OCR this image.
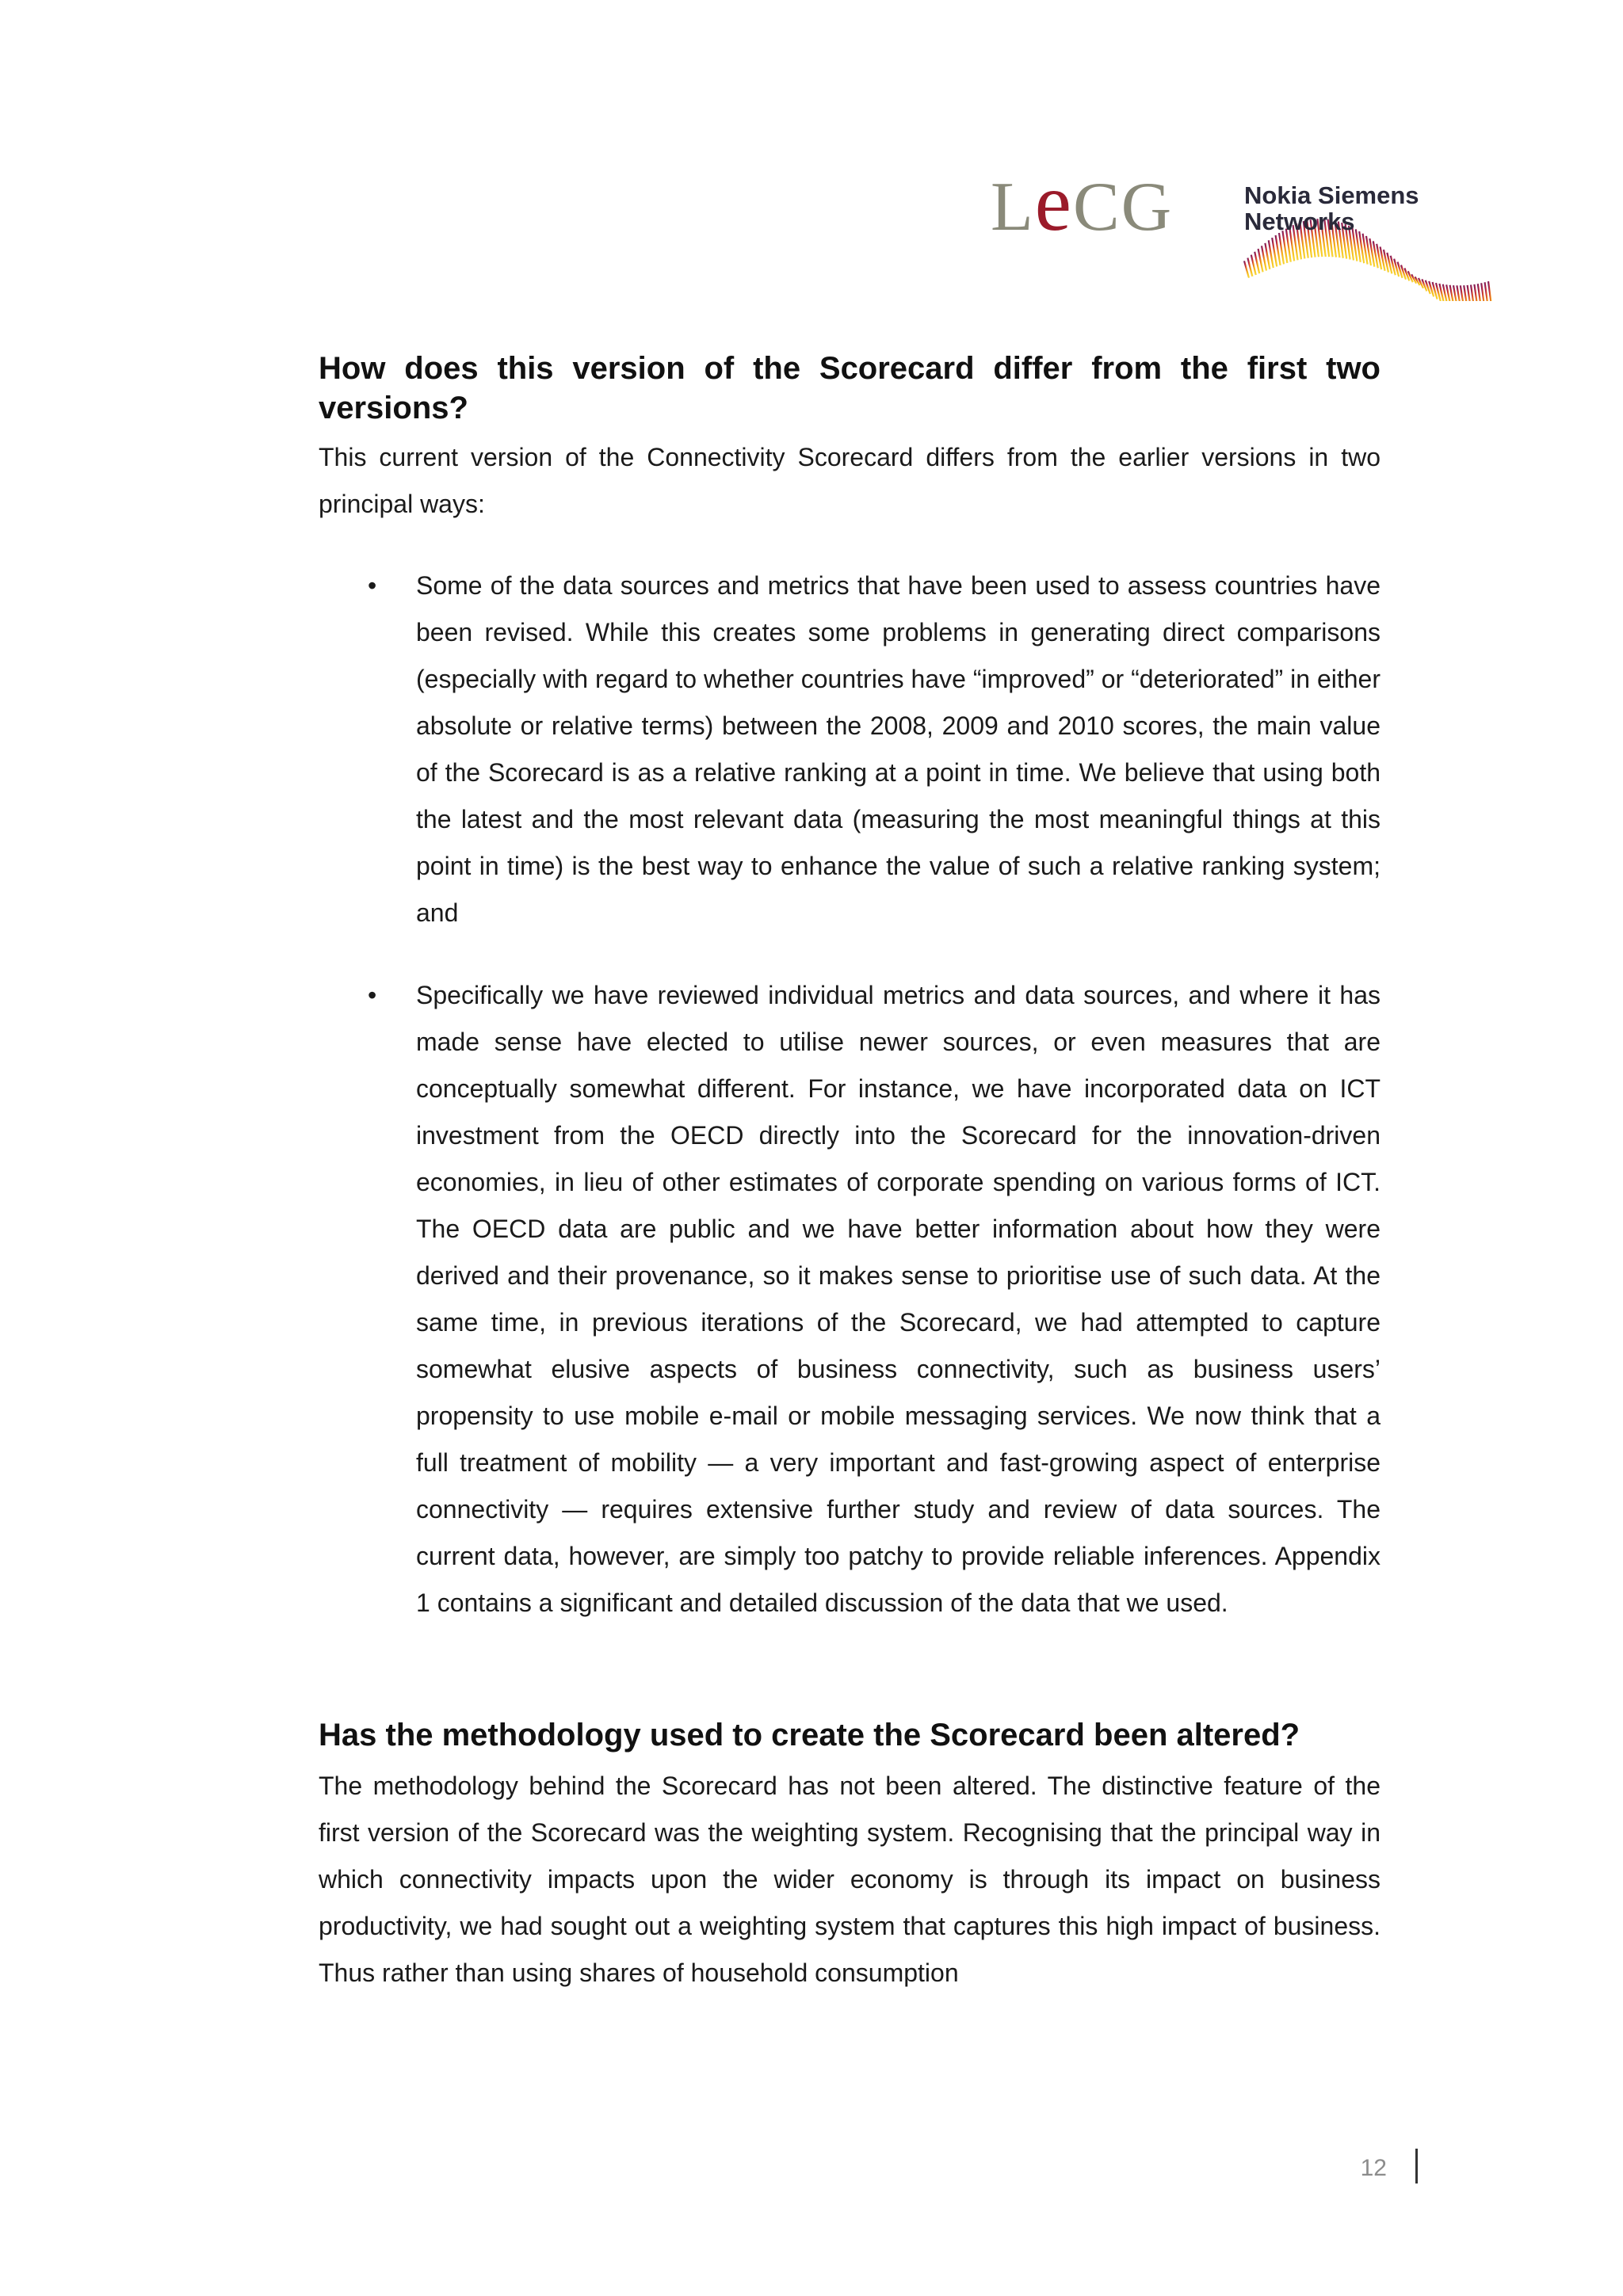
LeCG	Nokia Siemens
Networks
How does this version of the Scorecard differ from the first two versions?

This current version of the Connectivity Scorecard differs from the earlier versions in two principal ways:

• Some of the data sources and metrics that have been used to assess countries have been revised. While this creates some problems in generating direct comparisons (especially with regard to whether countries have “improved” or “deteriorated” in either absolute or relative terms) between the 2008, 2009 and 2010 scores, the main value of the Scorecard is as a relative ranking at a point in time. We believe that using both the latest and the most relevant data (measuring the most meaningful things at this point in time) is the best way to enhance the value of such a relative ranking system; and
• Specifically we have reviewed individual metrics and data sources, and where it has made sense have elected to utilise newer sources, or even measures that are conceptually somewhat different. For instance, we have incorporated data on ICT investment from the OECD directly into the Scorecard for the innovation-driven economies, in lieu of other estimates of corporate spending on various forms of ICT. The OECD data are public and we have better information about how they were derived and their provenance, so it makes sense to prioritise use of such data. At the same time, in previous iterations of the Scorecard, we had attempted to capture somewhat elusive aspects of business connectivity, such as business users’ propensity to use mobile e-mail or mobile messaging services. We now think that a full treatment of mobility — a very important and fast-growing aspect of enterprise connectivity — requires extensive further study and review of data sources. The current data, however, are simply too patchy to provide reliable inferences. Appendix 1 contains a significant and detailed discussion of the data that we used.
Has the methodology used to create the Scorecard been altered?

The methodology behind the Scorecard has not been altered. The distinctive feature of the first version of the Scorecard was the weighting system. Recognising that the principal way in which connectivity impacts upon the wider economy is through its impact on business productivity, we had sought out a weighting system that captures this high impact of business. Thus rather than using shares of household consumption

12
